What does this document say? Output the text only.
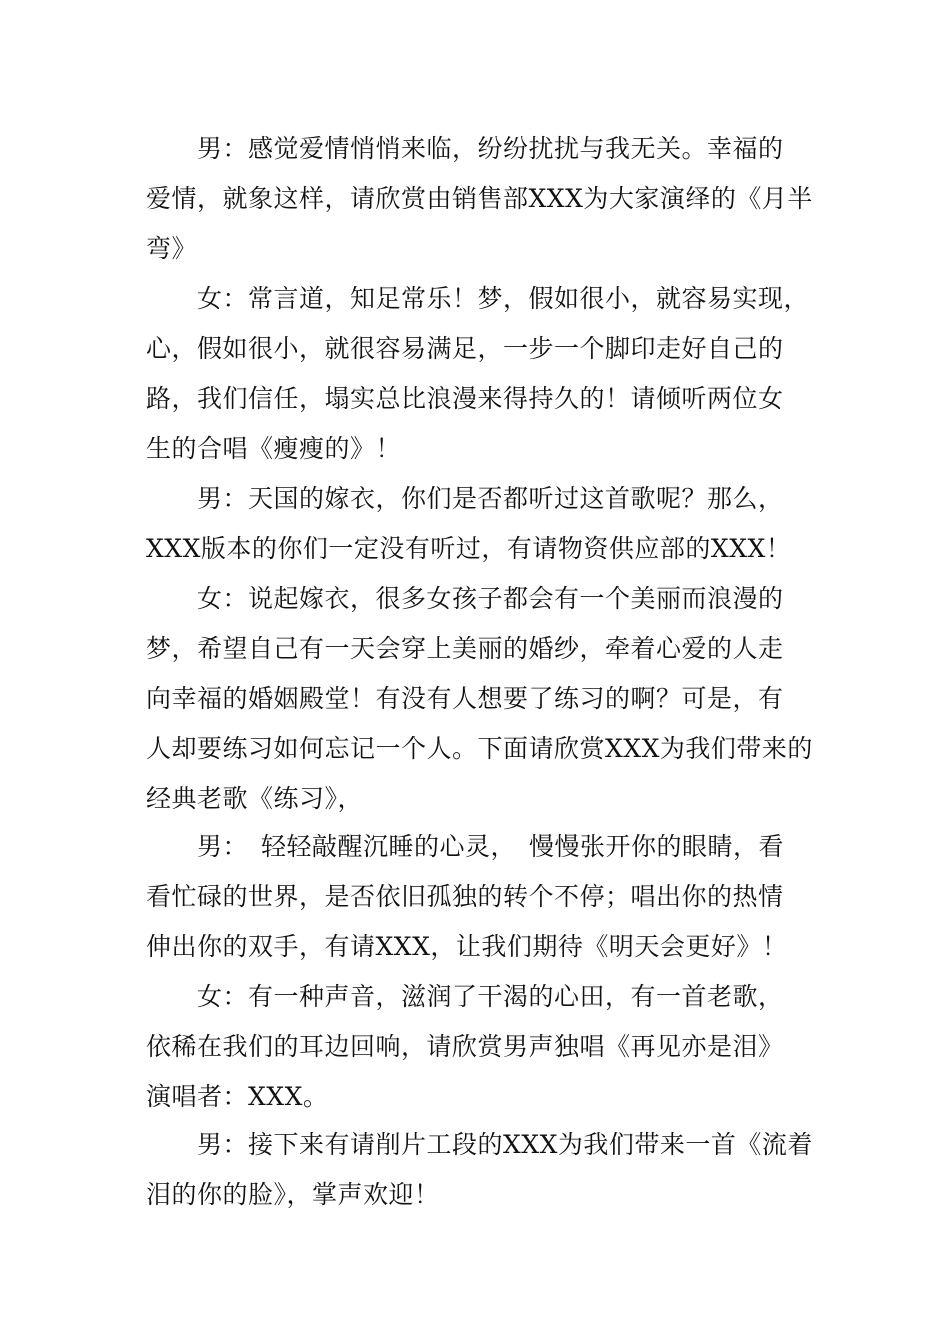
　　男：感觉爱情悄悄来临，纷纷扰扰与我无关。幸福的
爱情，就象这样，请欣赏由销售部XXX为大家演绎的《月半
弯》
　　女：常言道，知足常乐！梦，假如很小，就容易实现，
心，假如很小，就很容易满足，一步一个脚印走好自己的
路，我们信任，塌实总比浪漫来得持久的！请倾听两位女
生的合唱《瘦瘦的》！
　　男：天国的嫁衣，你们是否都听过这首歌呢？那么，
XXX版本的你们一定没有听过，有请物资供应部的XXX！
　　女：说起嫁衣，很多女孩子都会有一个美丽而浪漫的
梦，希望自己有一天会穿上美丽的婚纱，牵着心爱的人走
向幸福的婚姻殿堂！有没有人想要了练习的啊？可是，有
人却要练习如何忘记一个人。下面请欣赏XXX为我们带来的
经典老歌《练习》，
　　男：　轻轻敲醒沉睡的心灵，　慢慢张开你的眼睛，看
看忙碌的世界，是否依旧孤独的转个不停；唱出你的热情
伸出你的双手，有请XXX，让我们期待《明天会更好》！
　　女：有一种声音，滋润了干渴的心田，有一首老歌，
依稀在我们的耳边回响，请欣赏男声独唱《再见亦是泪》
演唱者：XXX。
　　男：接下来有请削片工段的XXX为我们带来一首《流着
泪的你的脸》，掌声欢迎！
